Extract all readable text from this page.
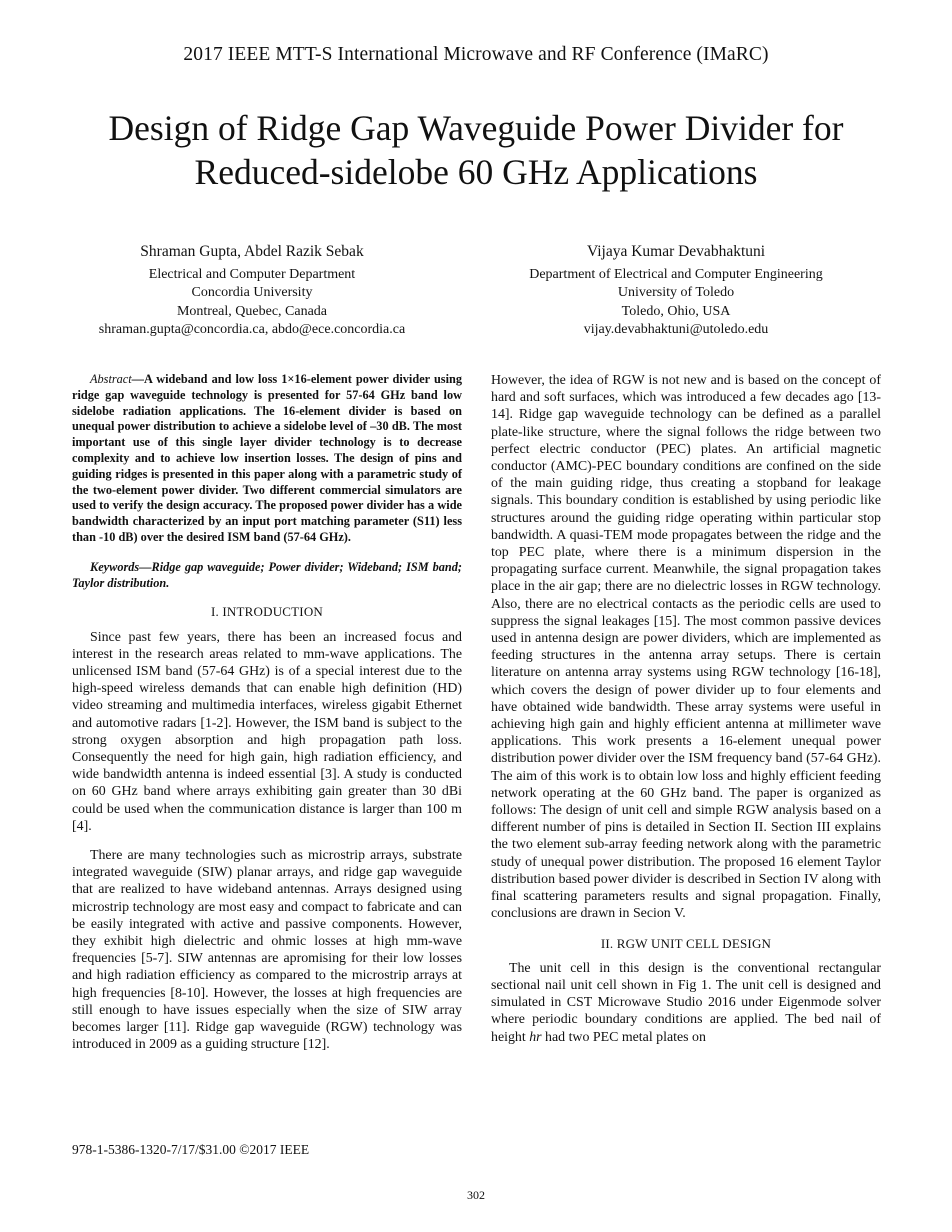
2017 IEEE MTT-S International Microwave and RF Conference (IMaRC)
Design of Ridge Gap Waveguide Power Divider for
Reduced-sidelobe 60 GHz Applications
Shraman Gupta, Abdel Razik Sebak
Electrical and Computer Department
Concordia University
Montreal, Quebec, Canada
shraman.gupta@concordia.ca, abdo@ece.concordia.ca
Vijaya Kumar Devabhaktuni
Department of Electrical and Computer Engineering
University of Toledo
Toledo, Ohio, USA
vijay.devabhaktuni@utoledo.edu

Abstract—A wideband and low loss 1×16-element power divider using ridge gap waveguide technology is presented for 57-64 GHz band low sidelobe radiation applications. The 16-element divider is based on unequal power distribution to achieve a sidelobe level of –30 dB. The most important use of this single layer divider technology is to decrease complexity and to achieve low insertion losses. The design of pins and guiding ridges is presented in this paper along with a parametric study of the two-element power divider. Two different commercial simulators are used to verify the design accuracy. The proposed power divider has a wide bandwidth characterized by an input port matching parameter (S11) less than -10 dB) over the desired ISM band (57-64 GHz).

Keywords—Ridge gap waveguide; Power divider; Wideband; ISM band; Taylor distribution.

I. INTRODUCTION

Since past few years, there has been an increased focus and interest in the research areas related to mm-wave applications. The unlicensed ISM band (57-64 GHz) is of a special interest due to the high-speed wireless demands that can enable high definition (HD) video streaming and multimedia interfaces, wireless gigabit Ethernet and automotive radars [1-2]. However, the ISM band is subject to the strong oxygen absorption and high propagation path loss. Consequently the need for high gain, high radiation efficiency, and wide bandwidth antenna is indeed essential [3]. A study is conducted on 60 GHz band where arrays exhibiting gain greater than 30 dBi could be used when the communication distance is larger than 100 m [4].

There are many technologies such as microstrip arrays, substrate integrated waveguide (SIW) planar arrays, and ridge gap waveguide that are realized to have wideband antennas. Arrays designed using microstrip technology are most easy and compact to fabricate and can be easily integrated with active and passive components. However, they exhibit high dielectric and ohmic losses at high mm-wave frequencies [5-7]. SIW antennas are apromising for their low losses and high radiation efficiency as compared to the microstrip arrays at high frequencies [8-10]. However, the losses at high frequencies are still enough to have issues especially when the size of SIW array becomes larger [11]. Ridge gap waveguide (RGW) technology was introduced in 2009 as a guiding structure [12].

However, the idea of RGW is not new and is based on the concept of hard and soft surfaces, which was introduced a few decades ago [13-14]. Ridge gap waveguide technology can be defined as a parallel plate-like structure, where the signal follows the ridge between two perfect electric conductor (PEC) plates. An artificial magnetic conductor (AMC)-PEC boundary conditions are confined on the side of the main guiding ridge, thus creating a stopband for leakage signals. This boundary condition is established by using periodic like structures around the guiding ridge operating within particular stop bandwidth. A quasi-TEM mode propagates between the ridge and the top PEC plate, where there is a minimum dispersion in the propagating surface current. Meanwhile, the signal propagation takes place in the air gap; there are no dielectric losses in RGW technology. Also, there are no electrical contacts as the periodic cells are used to suppress the signal leakages [15]. The most common passive devices used in antenna design are power dividers, which are implemented as feeding structures in the antenna array setups. There is certain literature on antenna array systems using RGW technology [16-18], which covers the design of power divider up to four elements and have obtained wide bandwidth. These array systems were useful in achieving high gain and highly efficient antenna at millimeter wave applications. This work presents a 16-element unequal power distribution power divider over the ISM frequency band (57-64 GHz). The aim of this work is to obtain low loss and highly efficient feeding network operating at the 60 GHz band. The paper is organized as follows: The design of unit cell and simple RGW analysis based on a different number of pins is detailed in Section II. Section III explains the two element sub-array feeding network along with the parametric study of unequal power distribution. The proposed 16 element Taylor distribution based power divider is described in Section IV along with final scattering parameters results and signal propagation. Finally, conclusions are drawn in Secion V.

II. RGW UNIT CELL DESIGN

The unit cell in this design is the conventional rectangular sectional nail unit cell shown in Fig 1. The unit cell is designed and simulated in CST Microwave Studio 2016 under Eigenmode solver where periodic boundary conditions are applied. The bed nail of height hr had two PEC metal plates on

978-1-5386-1320-7/17/$31.00 ©2017 IEEE
302
